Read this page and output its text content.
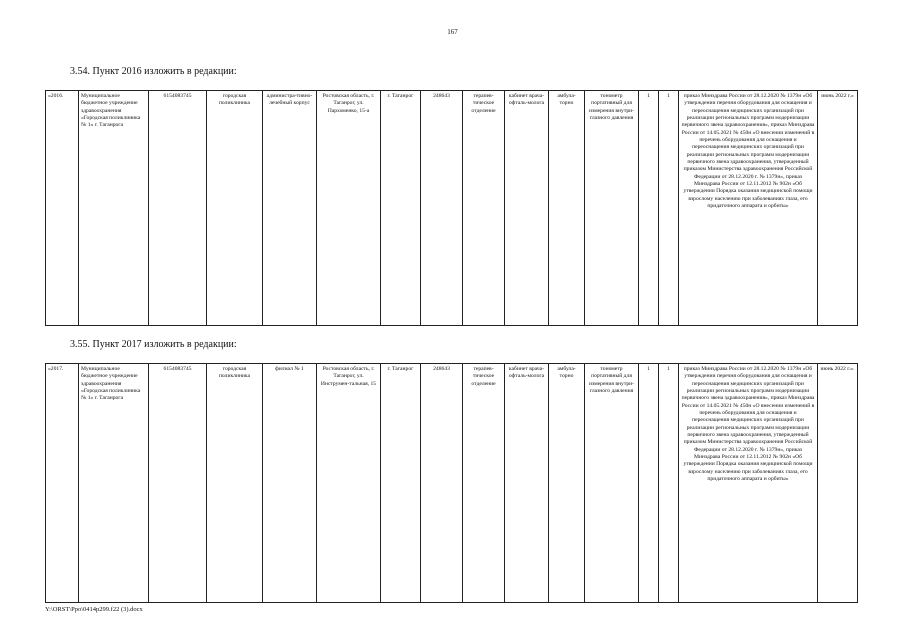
167
3.54. Пункт 2016 изложить в редакции:
«2016.	Муниципальное бюджетное учреждение здравоохранения «Городская поликлиника № 1» г. Таганрога	6154083745	городская поликлиника	администра-тивно-лечебный корпус	Ростовская область, г. Таганрог, ул. Пархоменко, 15-а	г. Таганрог	248643	терапев-тическое отделение	кабинет врача-офталь-молога	амбула-торно	тонометр портативный для измерения внутри-глазного давления	1	1	приказ Минздрава России от 28.12.2020 № 1379н «Об утверждении перечня оборудования для оснащения и переоснащения медицинских организаций при реализации региональных программ модернизации первичного звена здравоохранения», приказ Минздрава России от 14.05.2021 № 450н «О внесении изменений в перечень оборудования для оснащения и переоснащения медицинских организаций при реализации региональных программ модернизации первичного звена здравоохранения, утвержденный приказом Министерства здравоохранения Российской Федерации от 28.12.2020 г. № 1379н», приказ Минздрава России от 12.11.2012 № 902н «Об утверждении Порядка оказания медицинской помощи взрослому населению при заболеваниях глаза, его придаточного аппарата и орбиты»	июнь 2022 г.»
3.55. Пункт 2017 изложить в редакции:
«2017.	Муниципальное бюджетное учреждение здравоохранения «Городская поликлиника № 1» г. Таганрога	6154083745	городская поликлиника	филиал № 1	Ростовская область, г. Таганрог, ул. Инструмен-тальная, 15	г. Таганрог	248643	терапев-тическое отделение	кабинет врача-офталь-молога	амбула-торно	тонометр портативный для измерения внутри-глазного давления	1	1	приказ Минздрава России от 28.12.2020 № 1379н «Об утверждении перечня оборудования для оснащения и переоснащения медицинских организаций при реализации региональных программ модернизации первичного звена здравоохранения», приказ Минздрава России от 14.05.2021 № 450н «О внесении изменений в перечень оборудования для оснащения и переоснащения медицинских организаций при реализации региональных программ модернизации первичного звена здравоохранения, утвержденный приказом Министерства здравоохранения Российской Федерации от 28.12.2020 г. № 1379н», приказ Минздрава России от 12.11.2012 № 902н «Об утверждении Порядка оказания медицинской помощи взрослому населению при заболеваниях глаза, его придаточного аппарата и орбиты»	июнь 2022 г.».
Y:\ORST\Ppo\0414p299.f22 (3).docx
